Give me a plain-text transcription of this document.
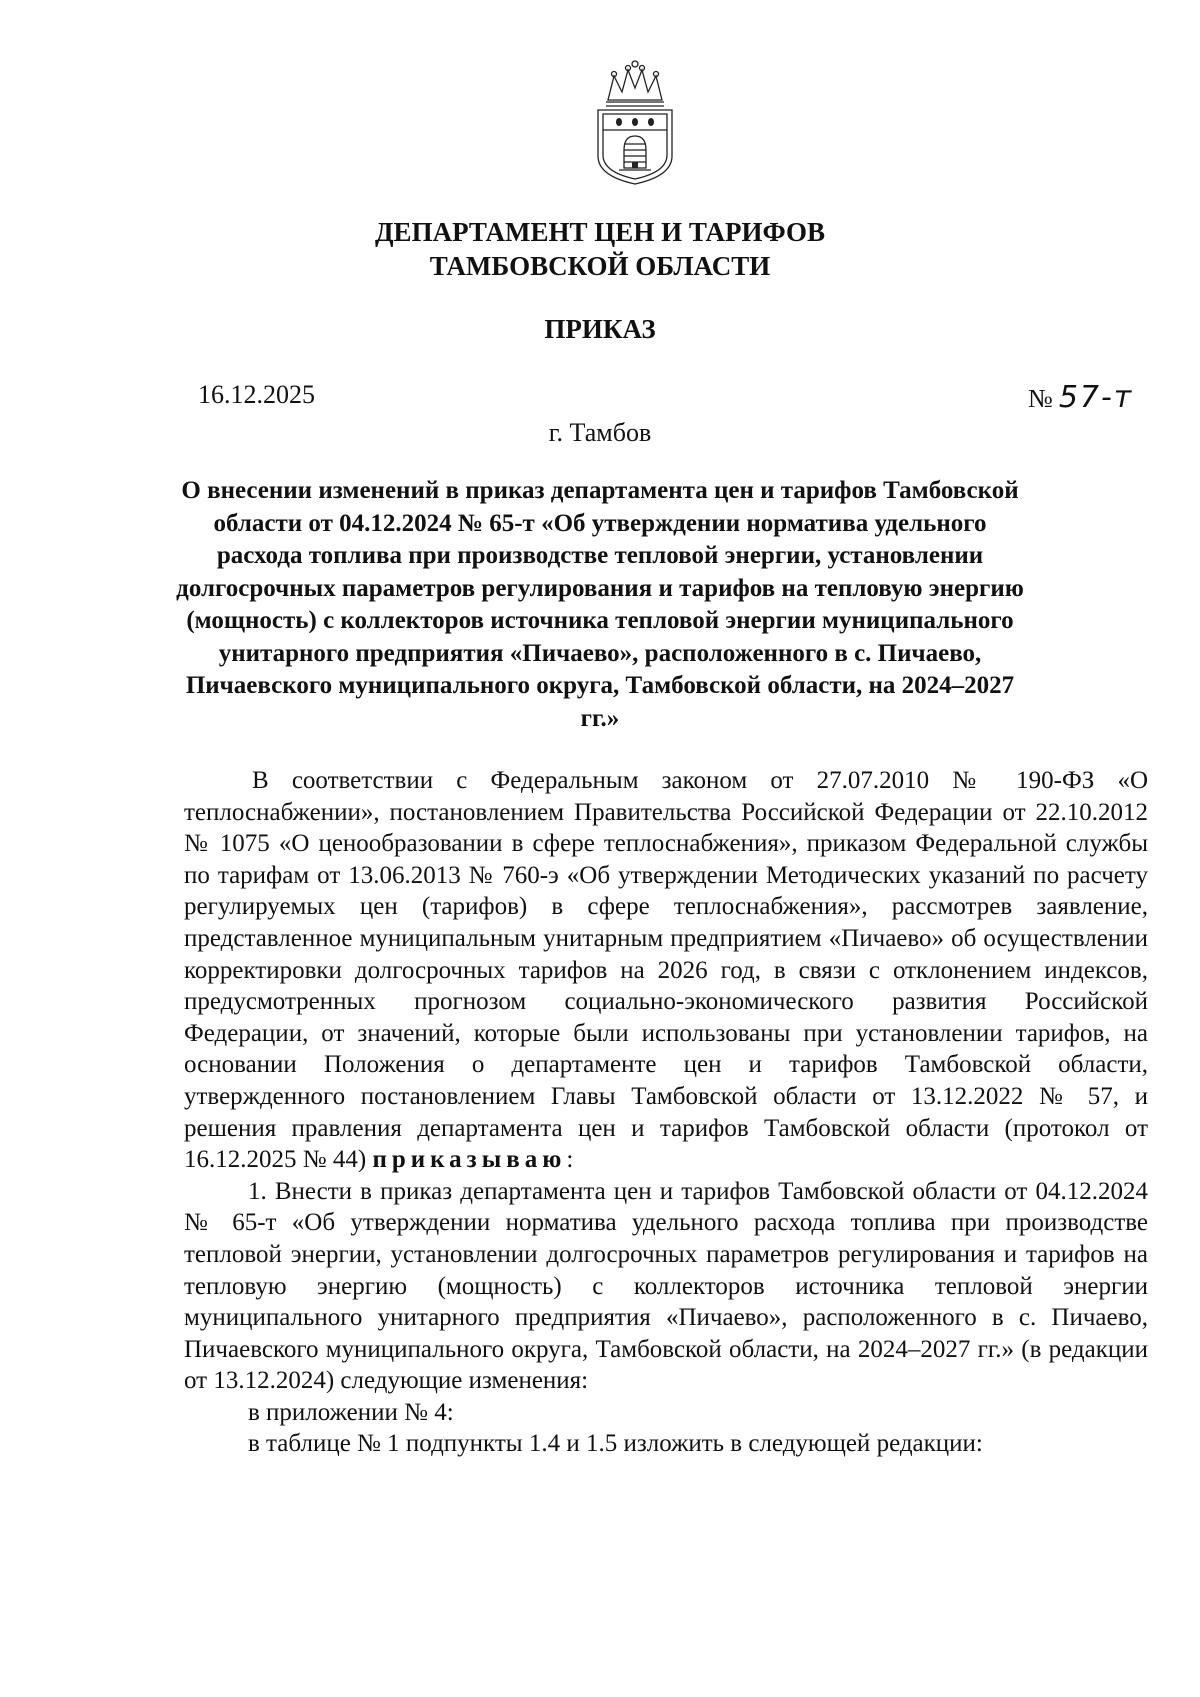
ДЕПАРТАМЕНТ ЦЕН И ТАРИФОВ
ТАМБОВСКОЙ ОБЛАСТИ
ПРИКАЗ
16.12.2025	№ 57-т
г. Тамбов

О внесении изменений в приказ департамента цен и тарифов Тамбовской области от 04.12.2024 № 65-т «Об утверждении норматива удельного расхода топлива при производстве тепловой энергии, установлении долгосрочных параметров регулирования и тарифов на тепловую энергию (мощность) с коллекторов источника тепловой энергии муниципального унитарного предприятия «Пичаево», расположенного в с. Пичаево, Пичаевского муниципального округа, Тамбовской области, на 2024–2027 гг.»

В соответствии с Федеральным законом от 27.07.2010 № 190-ФЗ «О теплоснабжении», постановлением Правительства Российской Федерации от 22.10.2012 № 1075 «О ценообразовании в сфере теплоснабжения», приказом Федеральной службы по тарифам от 13.06.2013 № 760-э «Об утверждении Методических указаний по расчету регулируемых цен (тарифов) в сфере теплоснабжения», рассмотрев заявление, представленное муниципальным унитарным предприятием «Пичаево» об осуществлении корректировки долгосрочных тарифов на 2026 год, в связи с отклонением индексов, предусмотренных прогнозом социально-экономического развития Российской Федерации, от значений, которые были использованы при установлении тарифов, на основании Положения о департаменте цен и тарифов Тамбовской области, утвержденного постановлением Главы Тамбовской области от 13.12.2022 № 57, и решения правления департамента цен и тарифов Тамбовской области (протокол от 16.12.2025 № 44) приказываю:

1. Внести в приказ департамента цен и тарифов Тамбовской области от 04.12.2024 № 65-т «Об утверждении норматива удельного расхода топлива при производстве тепловой энергии, установлении долгосрочных параметров регулирования и тарифов на тепловую энергию (мощность) с коллекторов источника тепловой энергии муниципального унитарного предприятия «Пичаево», расположенного в с. Пичаево, Пичаевского муниципального округа, Тамбовской области, на 2024–2027 гг.» (в редакции от 13.12.2024) следующие изменения:

в приложении № 4:

в таблице № 1 подпункты 1.4 и 1.5 изложить в следующей редакции:
